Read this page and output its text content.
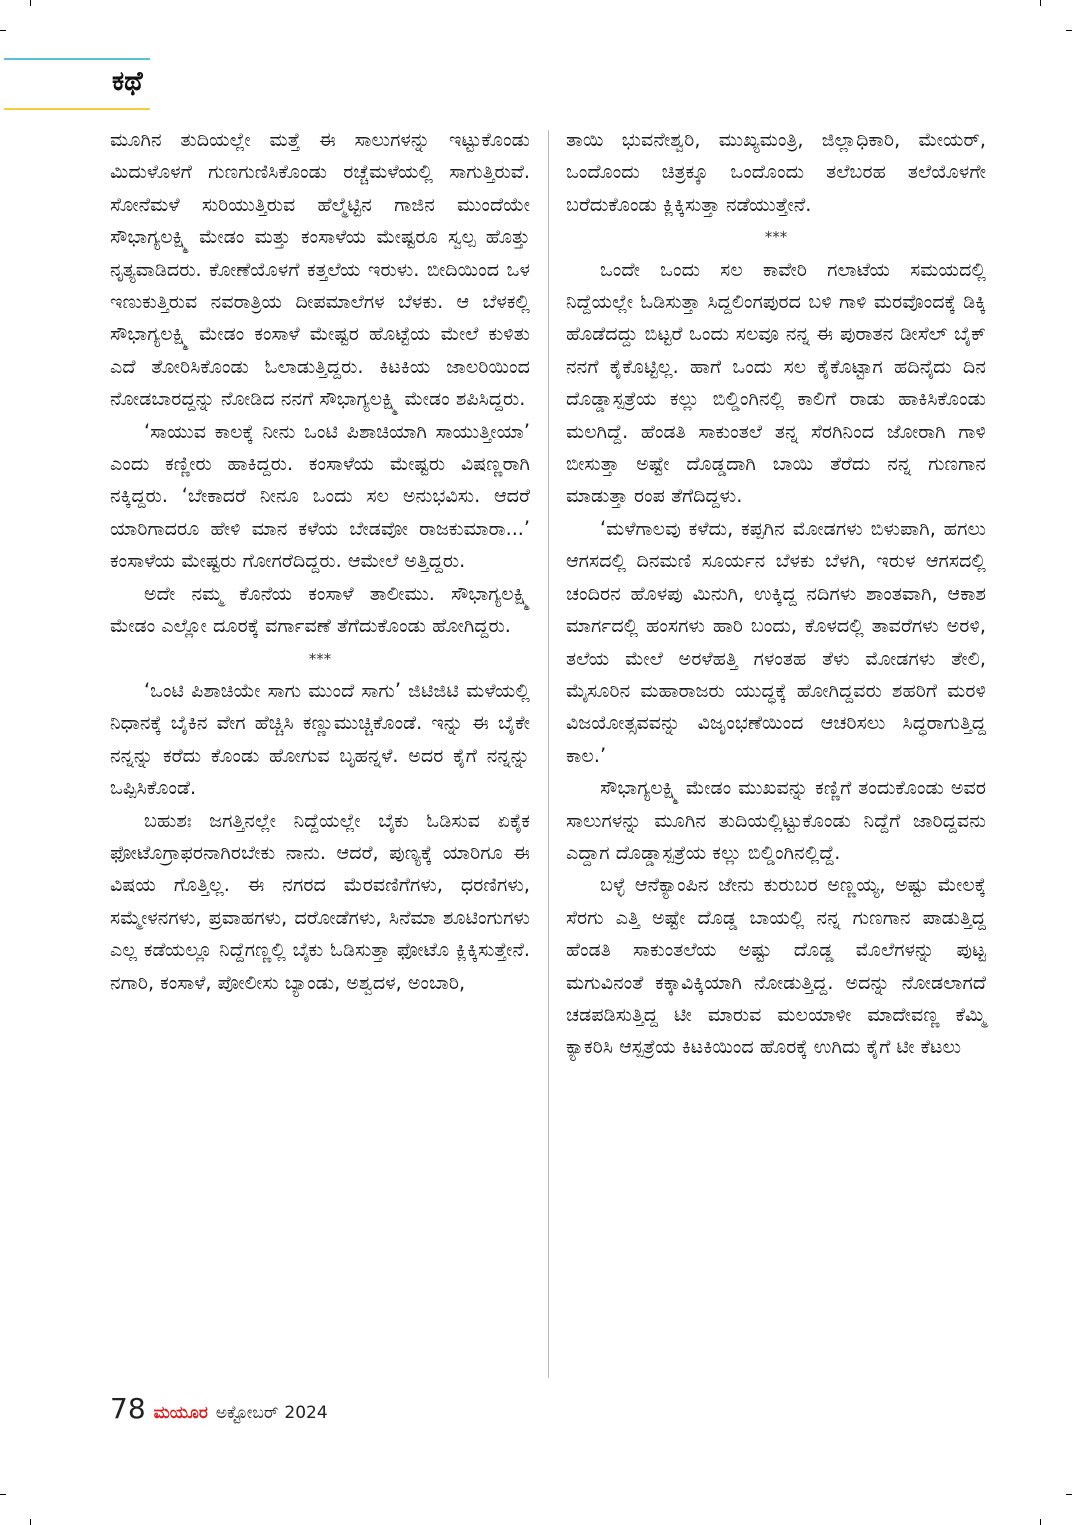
ಕಥೆ

ಮೂಗಿನ ತುದಿಯಲ್ಲೇ ಮತ್ತೆ ಈ ಸಾಲುಗಳನ್ನು ಇಟ್ಟುಕೊಂಡು ಮಿದುಳೊಳಗೆ ಗುಣಗುಣಿಸಿಕೊಂಡು ರಚ್ಚೆಮಳೆಯಲ್ಲಿ ಸಾಗುತ್ತಿರುವೆ. ಸೋನೆಮಳೆ ಸುರಿಯುತ್ತಿರುವ ಹೆಲ್ಮೆಟ್ಟಿನ ಗಾಜಿನ ಮುಂದೆಯೇ ಸೌಭಾಗ್ಯಲಕ್ಷ್ಮಿ ಮೇಡಂ ಮತ್ತು ಕಂಸಾಳೆಯ ಮೇಷ್ಟರೂ ಸ್ವಲ್ಪ ಹೊತ್ತು ನೃತ್ಯವಾಡಿದರು. ಕೋಣೆಯೊಳಗೆ ಕತ್ತಲೆಯ ಇರುಳು. ಬೀದಿಯಿಂದ ಒಳ ಇಣುಕುತ್ತಿರುವ ನವರಾತ್ರಿಯ ದೀಪಮಾಲೆಗಳ ಬೆಳಕು. ಆ ಬೆಳಕಲ್ಲಿ ಸೌಭಾಗ್ಯಲಕ್ಷ್ಮಿ ಮೇಡಂ ಕಂಸಾಳೆ ಮೇಷ್ಟರ ಹೊಟ್ಟೆಯ ಮೇಲೆ ಕುಳಿತು ಎದೆ ತೋರಿಸಿಕೊಂಡು ಓಲಾಡುತ್ತಿದ್ದರು. ಕಿಟಕಿಯ ಜಾಲರಿಯಿಂದ ನೋಡಬಾರದ್ದನ್ನು ನೋಡಿದ ನನಗೆ ಸೌಭಾಗ್ಯಲಕ್ಷ್ಮಿ ಮೇಡಂ ಶಪಿಸಿದ್ದರು.

‘ಸಾಯುವ ಕಾಲಕ್ಕೆ ನೀನು ಒಂಟಿ ಪಿಶಾಚಿಯಾಗಿ ಸಾಯುತ್ತೀಯಾ’ ಎಂದು ಕಣ್ಣೀರು ಹಾಕಿದ್ದರು. ಕಂಸಾಳೆಯ ಮೇಷ್ಟರು ವಿಷಣ್ಣರಾಗಿ ನಕ್ಕಿದ್ದರು. ‘ಬೇಕಾದರೆ ನೀನೂ ಒಂದು ಸಲ ಅನುಭವಿಸು. ಆದರೆ ಯಾರಿಗಾದರೂ ಹೇಳಿ ಮಾನ ಕಳೆಯ ಬೇಡವೋ ರಾಜಕುಮಾರಾ...’ ಕಂಸಾಳೆಯ ಮೇಷ್ಟರು ಗೋಗರೆದಿದ್ದರು. ಆಮೇಲೆ ಅತ್ತಿದ್ದರು.

ಅದೇ ನಮ್ಮ ಕೊನೆಯ ಕಂಸಾಳೆ ತಾಲೀಮು. ಸೌಭಾಗ್ಯಲಕ್ಷ್ಮಿ ಮೇಡಂ ಎಲ್ಲೋ ದೂರಕ್ಕೆ ವರ್ಗಾವಣೆ ತೆಗೆದುಕೊಂಡು ಹೋಗಿದ್ದರು.

***

‘ಒಂಟಿ ಪಿಶಾಚಿಯೇ ಸಾಗು ಮುಂದೆ ಸಾಗು’ ಜಿಟಿಜಿಟಿ ಮಳೆಯಲ್ಲಿ ನಿಧಾನಕ್ಕೆ ಬೈಕಿನ ವೇಗ ಹೆಚ್ಚಿಸಿ ಕಣ್ಣುಮುಚ್ಚಿಕೊಂಡೆ. ಇನ್ನು ಈ ಬೈಕೇ ನನ್ನನ್ನು ಕರೆದು ಕೊಂಡು ಹೋಗುವ ಬೃಹನ್ನಳೆ. ಅದರ ಕೈಗೆ ನನ್ನನ್ನು ಒಪ್ಪಿಸಿಕೊಂಡೆ.

ಬಹುಶಃ ಜಗತ್ತಿನಲ್ಲೇ ನಿದ್ದೆಯಲ್ಲೇ ಬೈಕು ಓಡಿಸುವ ಏಕೈಕ ಫೋಟೊಗ್ರಾಫರನಾಗಿರಬೇಕು ನಾನು. ಆದರೆ, ಪುಣ್ಯಕ್ಕೆ ಯಾರಿಗೂ ಈ ವಿಷಯ ಗೊತ್ತಿಲ್ಲ. ಈ ನಗರದ ಮೆರವಣಿಗೆಗಳು, ಧರಣಿಗಳು, ಸಮ್ಮೇಳನಗಳು, ಪ್ರವಾಹಗಳು, ದರೋಡೆಗಳು, ಸಿನೆಮಾ ಶೂಟಿಂಗುಗಳು ಎಲ್ಲ ಕಡೆಯಲ್ಲೂ ನಿದ್ದೆಗಣ್ಣಲ್ಲಿ ಬೈಕು ಓಡಿಸುತ್ತಾ ಫೋಟೊ ಕ್ಲಿಕ್ಕಿಸುತ್ತೇನೆ. ನಗಾರಿ, ಕಂಸಾಳೆ, ಪೋಲೀಸು ಬ್ಯಾಂಡು, ಅಶ್ವದಳ, ಅಂಬಾರಿ,

ತಾಯಿ ಭುವನೇಶ್ವರಿ, ಮುಖ್ಯಮಂತ್ರಿ, ಜಿಲ್ಲಾಧಿಕಾರಿ, ಮೇಯರ್, ಒಂದೊಂದು ಚಿತ್ರಕ್ಕೂ ಒಂದೊಂದು ತಲೆಬರಹ ತಲೆಯೊಳಗೇ ಬರೆದುಕೊಂಡು ಕ್ಲಿಕ್ಕಿಸುತ್ತಾ ನಡೆಯುತ್ತೇನೆ.

***

ಒಂದೇ ಒಂದು ಸಲ ಕಾವೇರಿ ಗಲಾಟೆಯ ಸಮಯದಲ್ಲಿ ನಿದ್ದೆಯಲ್ಲೇ ಓಡಿಸುತ್ತಾ ಸಿದ್ದಲಿಂಗಪುರದ ಬಳಿ ಗಾಳಿ ಮರವೊಂದಕ್ಕೆ ಡಿಕ್ಕಿ ಹೊಡೆದದ್ದು ಬಿಟ್ಟರೆ ಒಂದು ಸಲವೂ ನನ್ನ ಈ ಪುರಾತನ ಡೀಸೆಲ್ ಬೈಕ್ ನನಗೆ ಕೈಕೊಟ್ಟಿಲ್ಲ. ಹಾಗೆ ಒಂದು ಸಲ ಕೈಕೊಟ್ಟಾಗ ಹದಿನೈದು ದಿನ ದೊಡ್ಡಾಸ್ಪತ್ರೆಯ ಕಲ್ಲು ಬಿಲ್ಡಿಂಗಿನಲ್ಲಿ ಕಾಲಿಗೆ ರಾಡು ಹಾಕಿಸಿಕೊಂಡು ಮಲಗಿದ್ದೆ. ಹೆಂಡತಿ ಸಾಕುಂತಲೆ ತನ್ನ ಸೆರಗಿನಿಂದ ಜೋರಾಗಿ ಗಾಳಿ ಬೀಸುತ್ತಾ ಅಷ್ಟೇ ದೊಡ್ಡದಾಗಿ ಬಾಯಿ ತೆರೆದು ನನ್ನ ಗುಣಗಾನ ಮಾಡುತ್ತಾ ರಂಪ ತೆಗೆದಿದ್ದಳು.

‘ಮಳೆಗಾಲವು ಕಳೆದು, ಕಪ್ಪಗಿನ ಮೋಡಗಳು ಬಿಳುಪಾಗಿ, ಹಗಲು ಆಗಸದಲ್ಲಿ ದಿನಮಣಿ ಸೂರ್ಯನ ಬೆಳಕು ಬೆಳಗಿ, ಇರುಳ ಆಗಸದಲ್ಲಿ ಚಂದಿರನ ಹೊಳಪು ಮಿನುಗಿ, ಉಕ್ಕಿದ್ದ ನದಿಗಳು ಶಾಂತವಾಗಿ, ಆಕಾಶ ಮಾರ್ಗದಲ್ಲಿ ಹಂಸಗಳು ಹಾರಿ ಬಂದು, ಕೊಳದಲ್ಲಿ ತಾವರೆಗಳು ಅರಳಿ, ತಲೆಯ ಮೇಲೆ ಅರಳೆಹತ್ತಿ ಗಳಂತಹ ತೆಳು ಮೋಡಗಳು ತೇಲಿ, ಮೈಸೂರಿನ ಮಹಾರಾಜರು ಯುದ್ಧಕ್ಕೆ ಹೋಗಿದ್ದವರು ಶಹರಿಗೆ ಮರಳಿ ವಿಜಯೋತ್ಸವವನ್ನು ವಿಜೃಂಭಣೆಯಿಂದ ಆಚರಿಸಲು ಸಿದ್ಧರಾಗುತ್ತಿದ್ದ ಕಾಲ.’

ಸೌಭಾಗ್ಯಲಕ್ಷ್ಮಿ ಮೇಡಂ ಮುಖವನ್ನು ಕಣ್ಣಿಗೆ ತಂದುಕೊಂಡು ಅವರ ಸಾಲುಗಳನ್ನು ಮೂಗಿನ ತುದಿಯಲ್ಲಿಟ್ಟುಕೊಂಡು ನಿದ್ದೆಗೆ ಜಾರಿದ್ದವನು ಎದ್ದಾಗ ದೊಡ್ಡಾಸ್ಪತ್ರೆಯ ಕಲ್ಲು ಬಿಲ್ಡಿಂಗಿನಲ್ಲಿದ್ದೆ.

ಬಳ್ಳೆ ಆನೆಕ್ಯಾಂಪಿನ ಜೇನು ಕುರುಬರ ಅಣ್ಣಯ್ಯ, ಅಷ್ಟು ಮೇಲಕ್ಕೆ ಸೆರಗು ಎತ್ತಿ ಅಷ್ಟೇ ದೊಡ್ಡ ಬಾಯಲ್ಲಿ ನನ್ನ ಗುಣಗಾನ ಪಾಡುತ್ತಿದ್ದ ಹೆಂಡತಿ ಸಾಕುಂತಲೆಯ ಅಷ್ಟು ದೊಡ್ಡ ಮೊಲೆಗಳನ್ನು ಪುಟ್ಟ ಮಗುವಿನಂತೆ ಕಕ್ಕಾವಿಕ್ಕಿಯಾಗಿ ನೋಡುತ್ತಿದ್ದ. ಅದನ್ನು ನೋಡಲಾಗದೆ ಚಡಪಡಿಸುತ್ತಿದ್ದ ಟೀ ಮಾರುವ ಮಲಯಾಳೀ ಮಾದೇವಣ್ಣ ಕೆಮ್ಮಿ ಕ್ಯಾಕರಿಸಿ ಆಸ್ಪತ್ರೆಯ ಕಿಟಕಿಯಿಂದ ಹೊರಕ್ಕೆ ಉಗಿದು ಕೈಗೆ ಟೀ ಕೆಟಲು

78 ಮಯೂರ ಅಕ್ಟೋಬರ್ 2024
